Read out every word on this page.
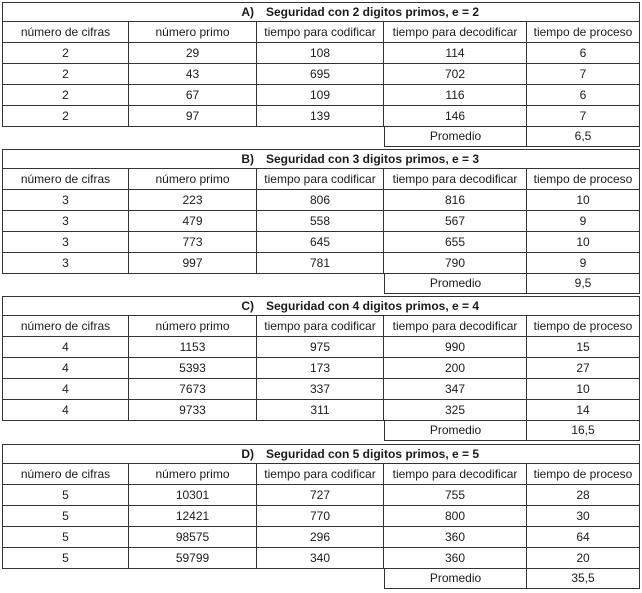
A) Seguridad con 2 digitos primos, e = 2
número de cifras	número primo	tiempo para codificar	tiempo para decodificar	tiempo de proceso
2	29	108	114	6
2	43	695	702	7
2	67	109	116	6
2	97	139	146	7
Promedio	6,5
B) Seguridad con 3 digitos primos, e = 3
número de cifras	número primo	tiempo para codificar	tiempo para decodificar	tiempo de proceso
3	223	806	816	10
3	479	558	567	9
3	773	645	655	10
3	997	781	790	9
Promedio	9,5
C) Seguridad con 4 digitos primos, e = 4
número de cifras	número primo	tiempo para codificar	tiempo para decodificar	tiempo de proceso
4	1153	975	990	15
4	5393	173	200	27
4	7673	337	347	10
4	9733	311	325	14
Promedio	16,5
D) Seguridad con 5 digitos primos, e = 5
número de cifras	número primo	tiempo para codificar	tiempo para decodificar	tiempo de proceso
5	10301	727	755	28
5	12421	770	800	30
5	98575	296	360	64
5	59799	340	360	20
Promedio	35,5
